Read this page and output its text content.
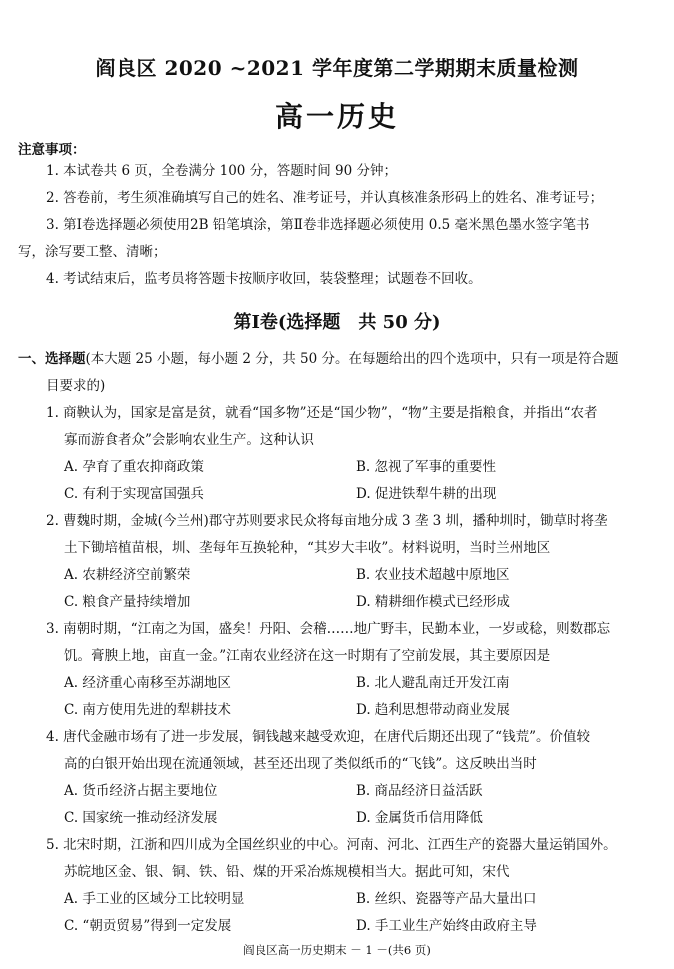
阎良区 2020 ~2021 学年度第二学期期末质量检测
高一历史
注意事项：
1. 本试卷共 6 页，全卷满分 100 分，答题时间 90 分钟；
2. 答卷前，考生须准确填写自己的姓名、准考证号，并认真核准条形码上的姓名、准考证号；
3. 第Ⅰ卷选择题必须使用2B 铅笔填涂，第Ⅱ卷非选择题必须使用 0.5 毫米黑色墨水签字笔书
写，涂写要工整、清晰；
4. 考试结束后，监考员将答题卡按顺序收回，装袋整理；试题卷不回收。
第Ⅰ卷(选择题　共 50 分)
一、选择题(本大题 25 小题，每小题 2 分，共 50 分。在每题给出的四个选项中，只有一项是符合题
目要求的)
1. 商鞅认为，国家是富是贫，就看“国多物”还是“国少物”，“物”主要是指粮食，并指出“农者
寡而游食者众”会影响农业生产。这种认识
A. 孕育了重农抑商政策	B. 忽视了军事的重要性
C. 有利于实现富国强兵	D. 促进铁犁牛耕的出现
2. 曹魏时期，金城(今兰州)郡守苏则要求民众将每亩地分成 3 垄 3 圳，播种圳时，锄草时将垄
土下锄培植苗根，圳、垄每年互换轮种，“其岁大丰收”。材料说明，当时兰州地区
A. 农耕经济空前繁荣	B. 农业技术超越中原地区
C. 粮食产量持续增加	D. 精耕细作模式已经形成
3. 南朝时期，“江南之为国，盛矣！丹阳、会稽……地广野丰，民勤本业，一岁或稔，则数郡忘
饥。膏腴上地，亩直一金。”江南农业经济在这一时期有了空前发展，其主要原因是
A. 经济重心南移至苏湖地区	B. 北人避乱南迁开发江南
C. 南方使用先进的犁耕技术	D. 趋利思想带动商业发展
4. 唐代金融市场有了进一步发展，铜钱越来越受欢迎，在唐代后期还出现了“钱荒”。价值较
高的白银开始出现在流通领域，甚至还出现了类似纸币的“飞钱”。这反映出当时
A. 货币经济占据主要地位	B. 商品经济日益活跃
C. 国家统一推动经济发展	D. 金属货币信用降低
5. 北宋时期，江浙和四川成为全国丝织业的中心。河南、河北、江西生产的瓷器大量运销国外。
苏皖地区金、银、铜、铁、铅、煤的开采冶炼规模相当大。据此可知，宋代
A. 手工业的区域分工比较明显	B. 丝织、瓷器等产品大量出口
C. “朝贡贸易”得到一定发展	D. 手工业生产始终由政府主导
阎良区高一历史期末 － 1 －(共6 页)
